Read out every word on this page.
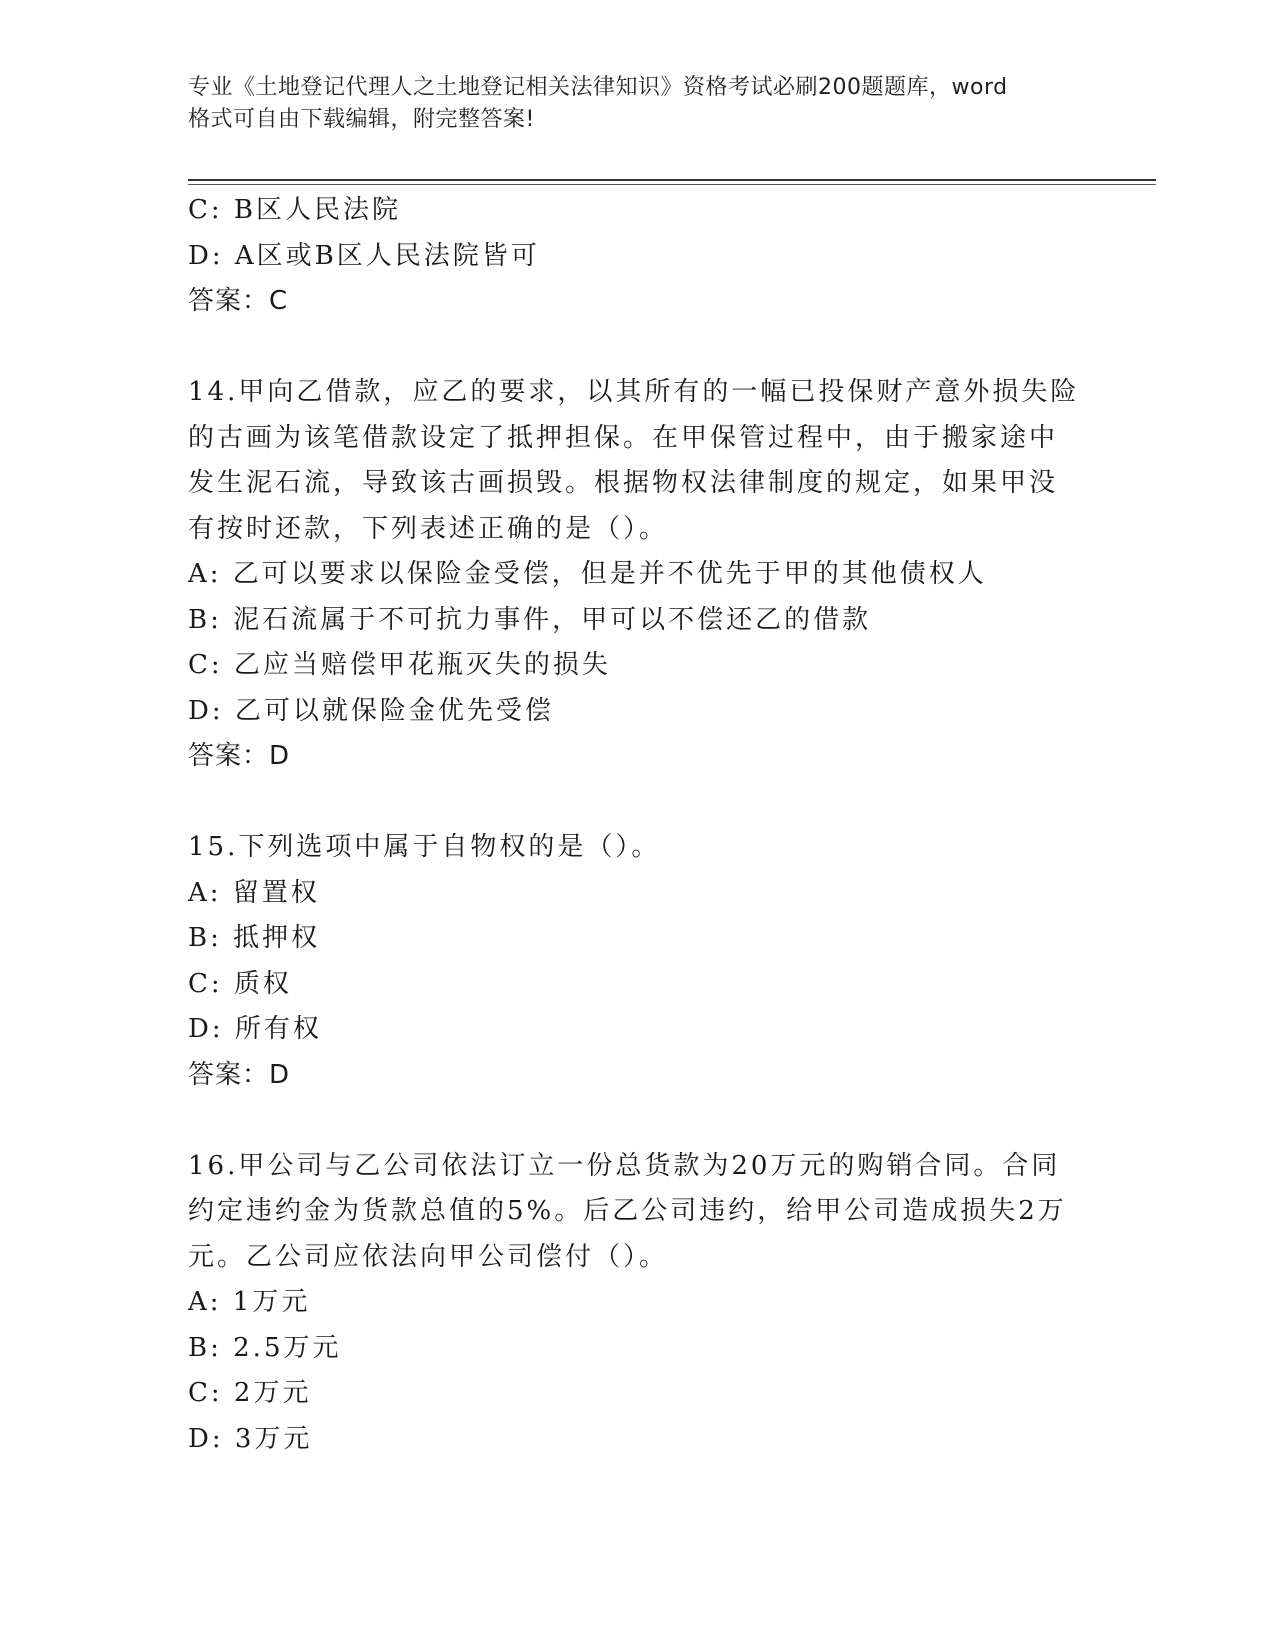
专业《土地登记代理人之土地登记相关法律知识》资格考试必刷200题题库，word
格式可自由下载编辑，附完整答案!
C: B区人民法院
D: A区或B区人民法院皆可
答案：C
14.甲向乙借款，应乙的要求，以其所有的一幅已投保财产意外损失险
的古画为该笔借款设定了抵押担保。在甲保管过程中，由于搬家途中
发生泥石流，导致该古画损毁。根据物权法律制度的规定，如果甲没
有按时还款，下列表述正确的是（）。
A: 乙可以要求以保险金受偿，但是并不优先于甲的其他债权人
B: 泥石流属于不可抗力事件，甲可以不偿还乙的借款
C: 乙应当赔偿甲花瓶灭失的损失
D: 乙可以就保险金优先受偿
答案：D
15.下列选项中属于自物权的是（）。
A: 留置权
B: 抵押权
C: 质权
D: 所有权
答案：D
16.甲公司与乙公司依法订立一份总货款为20万元的购销合同。合同
约定违约金为货款总值的5%。后乙公司违约，给甲公司造成损失2万
元。乙公司应依法向甲公司偿付（）。
A: 1万元
B: 2.5万元
C: 2万元
D: 3万元
